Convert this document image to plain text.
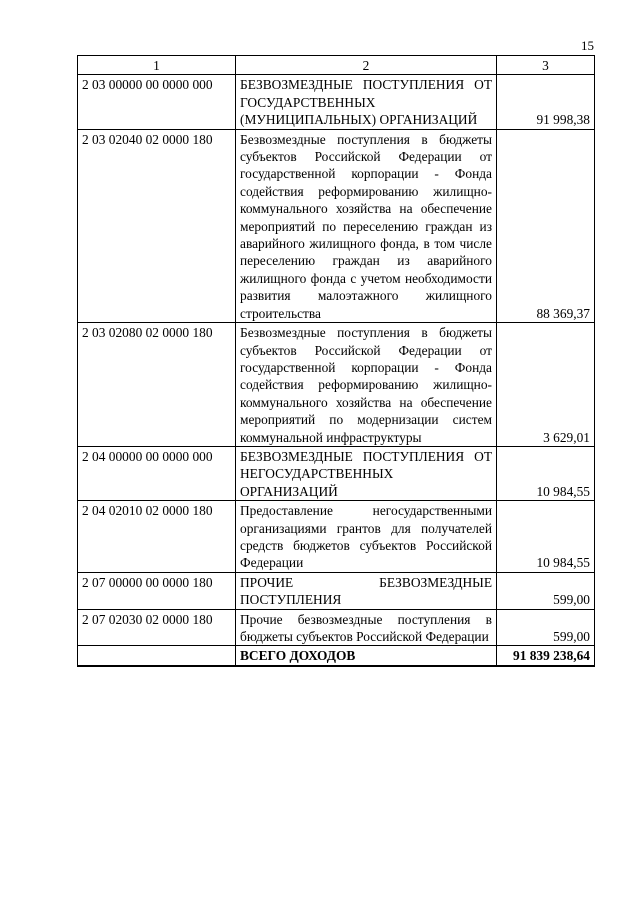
15
1	2	3
2 03 00000 00 0000 000	БЕЗВОЗМЕЗДНЫЕ ПОСТУПЛЕНИЯ ОТ ГОСУДАРСТВЕННЫХ (МУНИЦИПАЛЬНЫХ) ОРГАНИЗАЦИЙ	91 998,38
2 03 02040 02 0000 180	Безвозмездные поступления в бюджеты субъектов Российской Федерации от государственной корпорации - Фонда содействия реформированию жилищно-коммунального хозяйства на обеспечение мероприятий по переселению граждан из аварийного жилищного фонда, в том числе переселению граждан из аварийного жилищного фонда с учетом необходимости развития малоэтажного жилищного строительства	88 369,37
2 03 02080 02 0000 180	Безвозмездные поступления в бюджеты субъектов Российской Федерации от государственной корпорации - Фонда содействия реформированию жилищно-коммунального хозяйства на обеспечение мероприятий по модернизации систем коммунальной инфраструктуры	3 629,01
2 04 00000 00 0000 000	БЕЗВОЗМЕЗДНЫЕ ПОСТУПЛЕНИЯ ОТ НЕГОСУДАРСТВЕННЫХ ОРГАНИЗАЦИЙ	10 984,55
2 04 02010 02 0000 180	Предоставление негосударственными организациями грантов для получателей средств бюджетов субъектов Российской Федерации	10 984,55
2 07 00000 00 0000 180	ПРОЧИЕ БЕЗВОЗМЕЗДНЫЕ ПОСТУПЛЕНИЯ	599,00
2 07 02030 02 0000 180	Прочие безвозмездные поступления в бюджеты субъектов Российской Федерации	599,00
	ВСЕГО ДОХОДОВ	91 839 238,64
